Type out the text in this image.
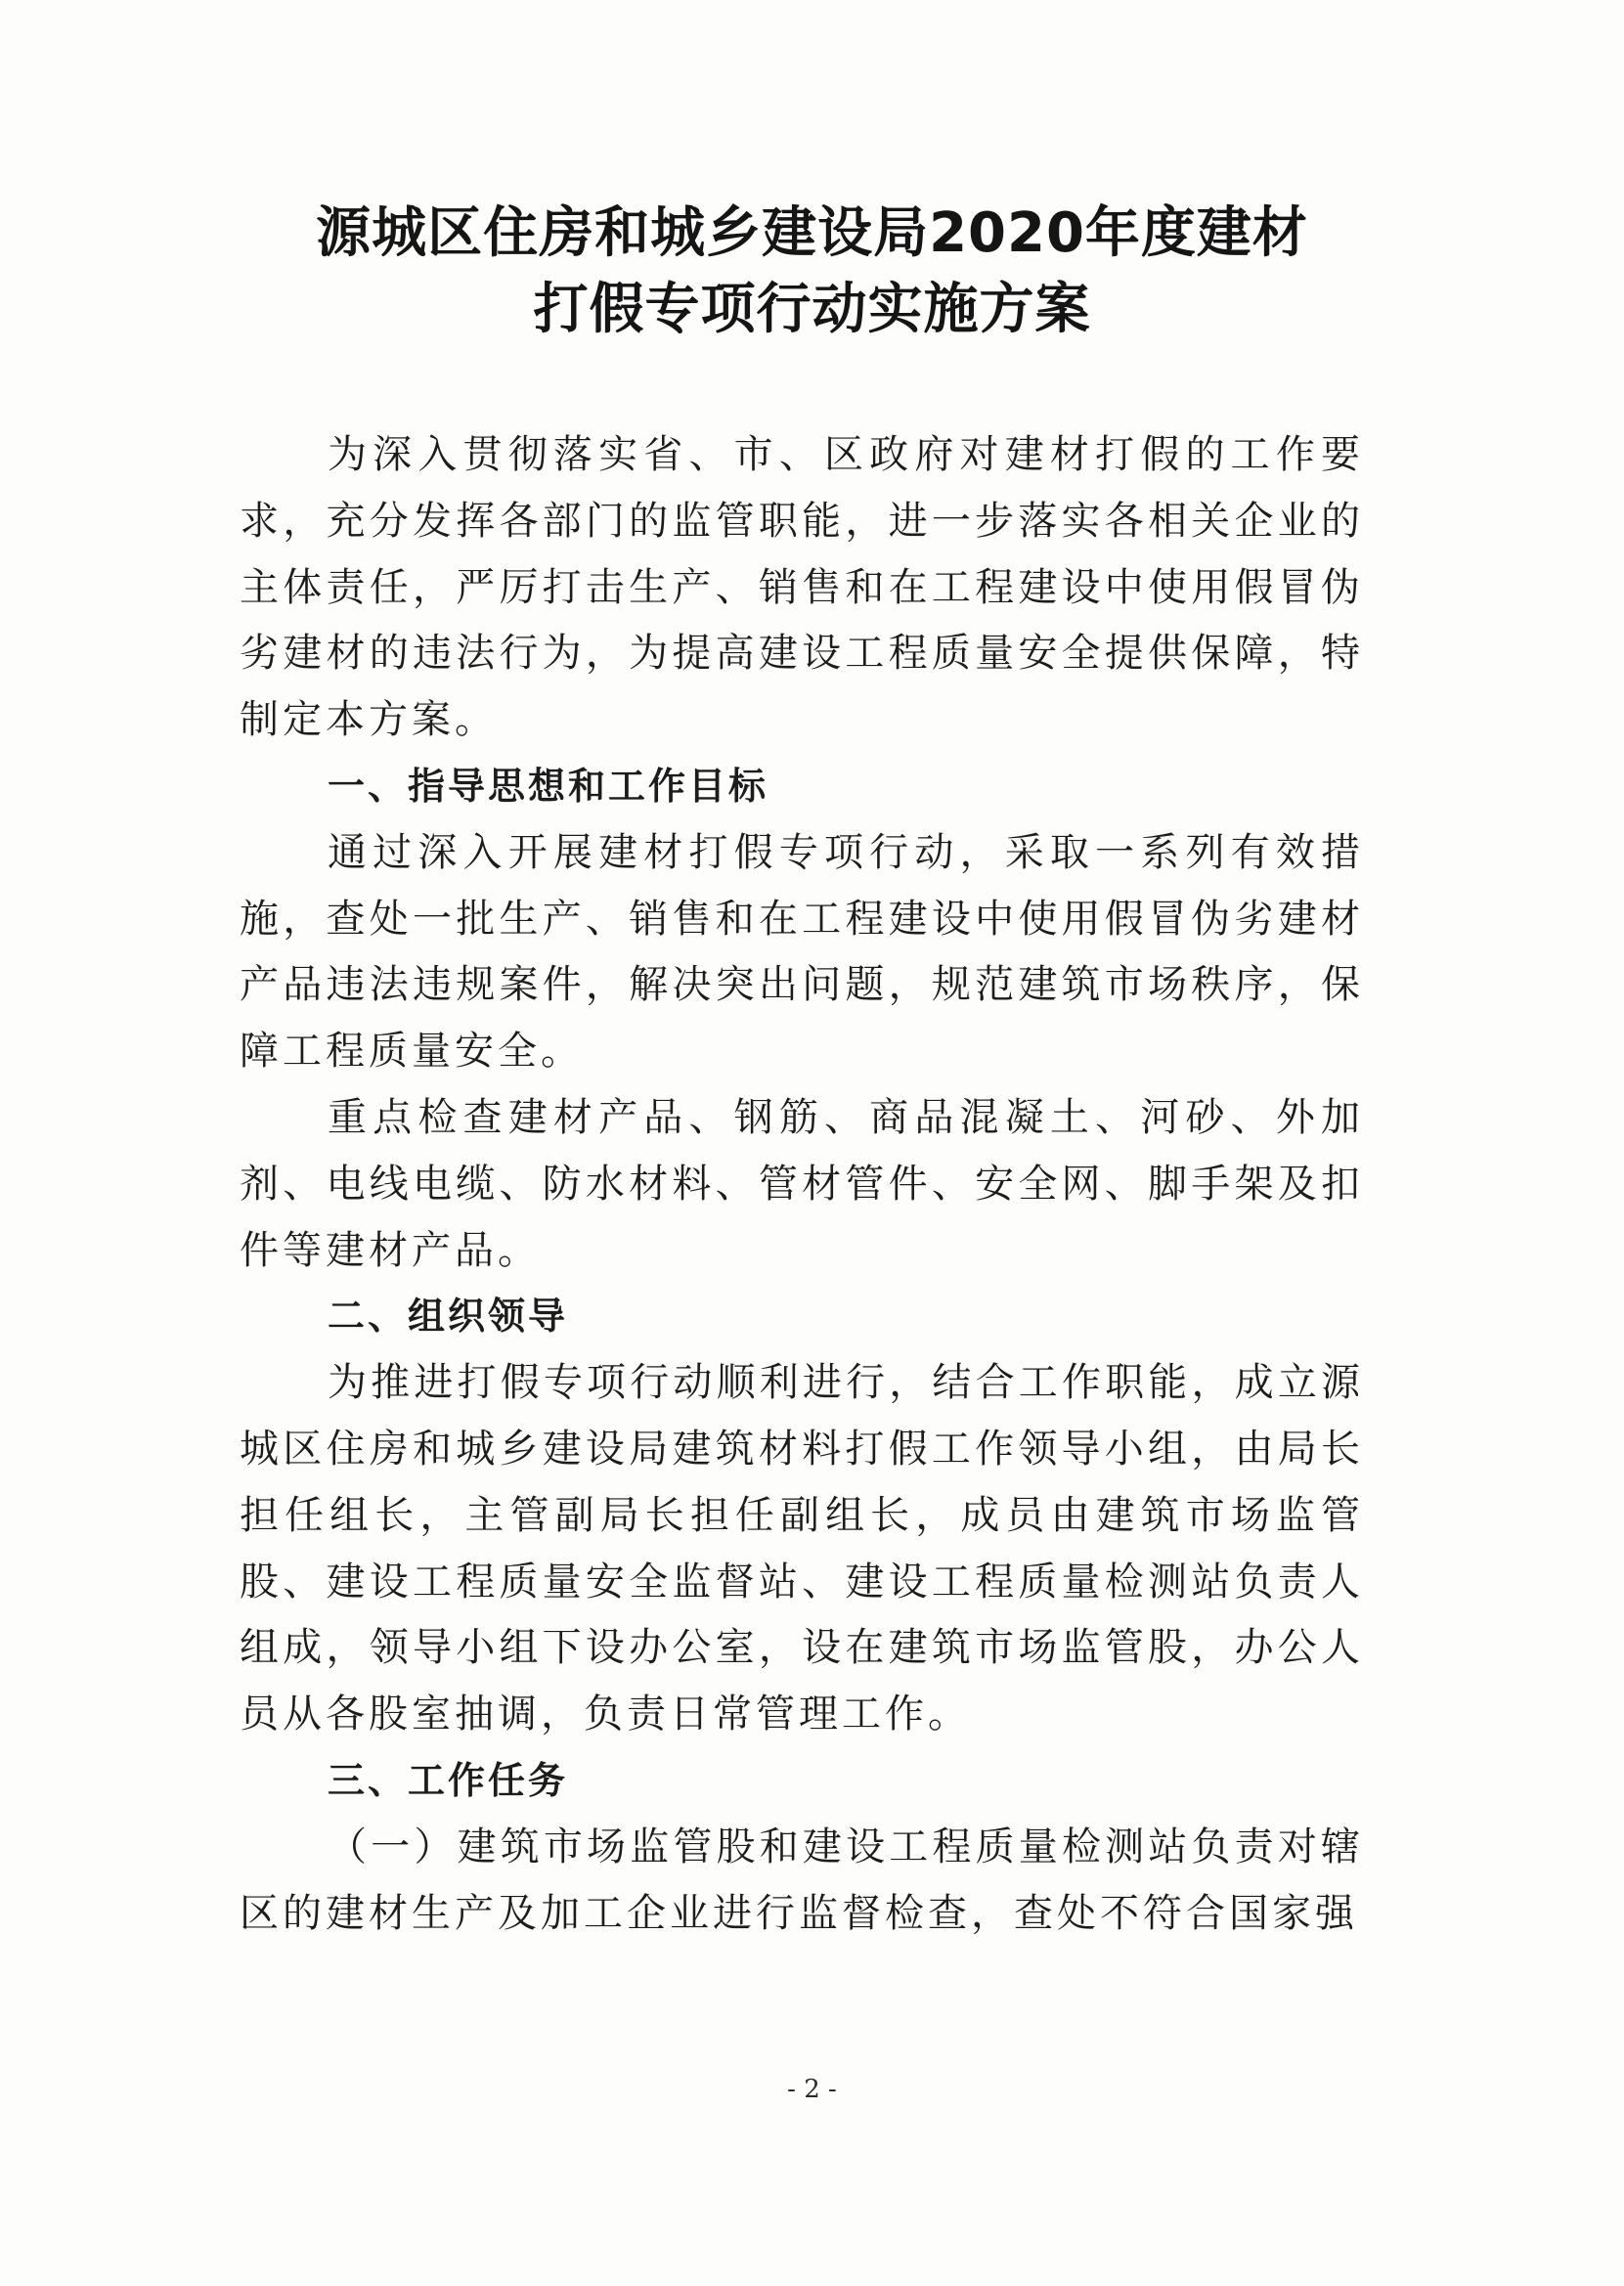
源城区住房和城乡建设局2020年度建材
打假专项行动实施方案

为深入贯彻落实省、市、区政府对建材打假的工作要求，充分发挥各部门的监管职能，进一步落实各相关企业的主体责任，严厉打击生产、销售和在工程建设中使用假冒伪劣建材的违法行为，为提高建设工程质量安全提供保障，特制定本方案。

一、指导思想和工作目标

通过深入开展建材打假专项行动，采取一系列有效措施，查处一批生产、销售和在工程建设中使用假冒伪劣建材产品违法违规案件，解决突出问题，规范建筑市场秩序，保障工程质量安全。

重点检查建材产品、钢筋、商品混凝土、河砂、外加剂、电线电缆、防水材料、管材管件、安全网、脚手架及扣件等建材产品。

二、组织领导

为推进打假专项行动顺利进行，结合工作职能，成立源城区住房和城乡建设局建筑材料打假工作领导小组，由局长担任组长，主管副局长担任副组长，成员由建筑市场监管股、建设工程质量安全监督站、建设工程质量检测站负责人组成，领导小组下设办公室，设在建筑市场监管股，办公人员从各股室抽调，负责日常管理工作。

三、工作任务

（一）建筑市场监管股和建设工程质量检测站负责对辖区的建材生产及加工企业进行监督检查，查处不符合国家强

- 2 -
